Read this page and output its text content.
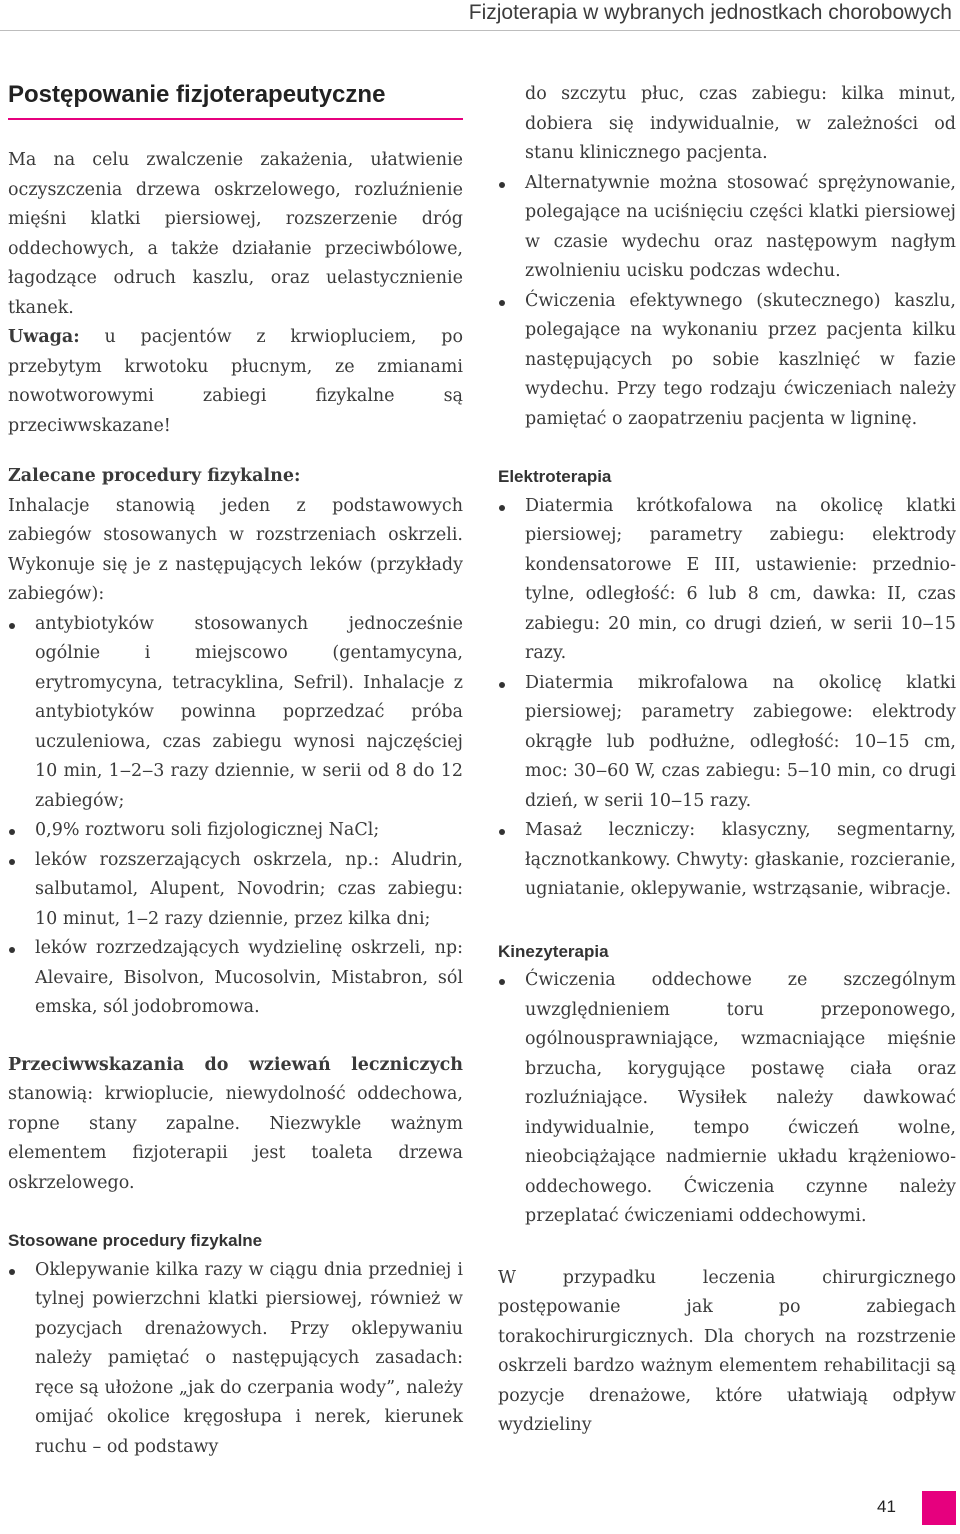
Fizjoterapia w wybranych jednostkach chorobowych
Postępowanie fizjoterapeutyczne

Ma na celu zwalczenie zakażenia, ułatwienie oczyszczenia drzewa oskrzelowego, rozluźnienie mięśni klatki piersiowej, rozszerzenie dróg oddechowych, a także działanie przeciwbólowe, łagodzące odruch kaszlu, oraz uelastycznienie tkanek.

Uwaga: u pacjentów z krwiopluciem, po przebytym krwotoku płucnym, ze zmianami nowotworowymi zabiegi fizykalne są przeciwwskazane!

Zalecane procedury fizykalne:

Inhalacje stanowią jeden z podstawowych zabiegów stosowanych w rozstrzeniach oskrzeli. Wykonuje się je z następujących leków (przykłady zabiegów):

antybiotyków stosowanych jednocześnie ogólnie i miejscowo (gentamycyna, erytromycyna, tetracyklina, Sefril). Inhalacje z antybiotyków powinna poprzedzać próba uczuleniowa, czas zabiegu wynosi najczęściej 10 min, 1‒2‒3 razy dziennie, w serii od 8 do 12 zabiegów;
0,9% roztworu soli fizjologicznej NaCl;
leków rozszerzających oskrzela, np.: Aludrin, salbutamol, Alupent, Novodrin; czas zabiegu: 10 minut, 1‒2 razy dziennie, przez kilka dni;
leków rozrzedzających wydzielinę oskrzeli, np: Alevaire, Bisolvon, Mucosolvin, Mistabron, sól emska, sól jodobromowa.

Przeciwwskazania do wziewań leczniczych stanowią: krwioplucie, niewydolność oddechowa, ropne stany zapalne. Niezwykle ważnym elementem fizjoterapii jest toaleta drzewa oskrzelowego.

Stosowane procedury fizykalne

Oklepywanie kilka razy w ciągu dnia przedniej i tylnej powierzchni klatki piersiowej, również w pozycjach drenażowych. Przy oklepywaniu należy pamiętać o następujących zasadach: ręce są ułożone „jak do czerpania wody”, należy omijać okolice kręgosłupa i nerek, kierunek ruchu – od podstawy

do szczytu płuc, czas zabiegu: kilka minut, dobiera się indywidualnie, w zależności od stanu klinicznego pacjenta.

Alternatywnie można stosować sprężynowanie, polegające na uciśnięciu części klatki piersiowej w czasie wydechu oraz następowym nagłym zwolnieniu ucisku podczas wdechu.
Ćwiczenia efektywnego (skutecznego) kaszlu, polegające na wykonaniu przez pacjenta kilku następujących po sobie kaszlnięć w fazie wydechu. Przy tego rodzaju ćwiczeniach należy pamiętać o zaopatrzeniu pacjenta w ligninę.

Elektroterapia

Diatermia krótkofalowa na okolicę klatki piersiowej; parametry zabiegu: elektrody kondensatorowe E III, ustawienie: przednio-tylne, odległość: 6 lub 8 cm, dawka: II, czas zabiegu: 20 min, co drugi dzień, w serii 10‒15 razy.
Diatermia mikrofalowa na okolicę klatki piersiowej; parametry zabiegowe: elektrody okrągłe lub podłużne, odległość: 10‒15 cm, moc: 30‒60 W, czas zabiegu: 5‒10 min, co drugi dzień, w serii 10‒15 razy.
Masaż leczniczy: klasyczny, segmentarny, łącznotkankowy. Chwyty: głaskanie, rozcieranie, ugniatanie, oklepywanie, wstrząsanie, wibracje.

Kinezyterapia

Ćwiczenia oddechowe ze szczególnym uwzględnieniem toru przeponowego, ogólnousprawniające, wzmacniające mięśnie brzucha, korygujące postawę ciała oraz rozluźniające. Wysiłek należy dawkować indywidualnie, tempo ćwiczeń wolne, nieobciążające nadmiernie układu krążeniowo-oddechowego. Ćwiczenia czynne należy przeplatać ćwiczeniami oddechowymi.

W przypadku leczenia chirurgicznego postępowanie jak po zabiegach torakochirurgicznych. Dla chorych na rozstrzenie oskrzeli bardzo ważnym elementem rehabilitacji są pozycje drenażowe, które ułatwiają odpływ wydzieliny

41
